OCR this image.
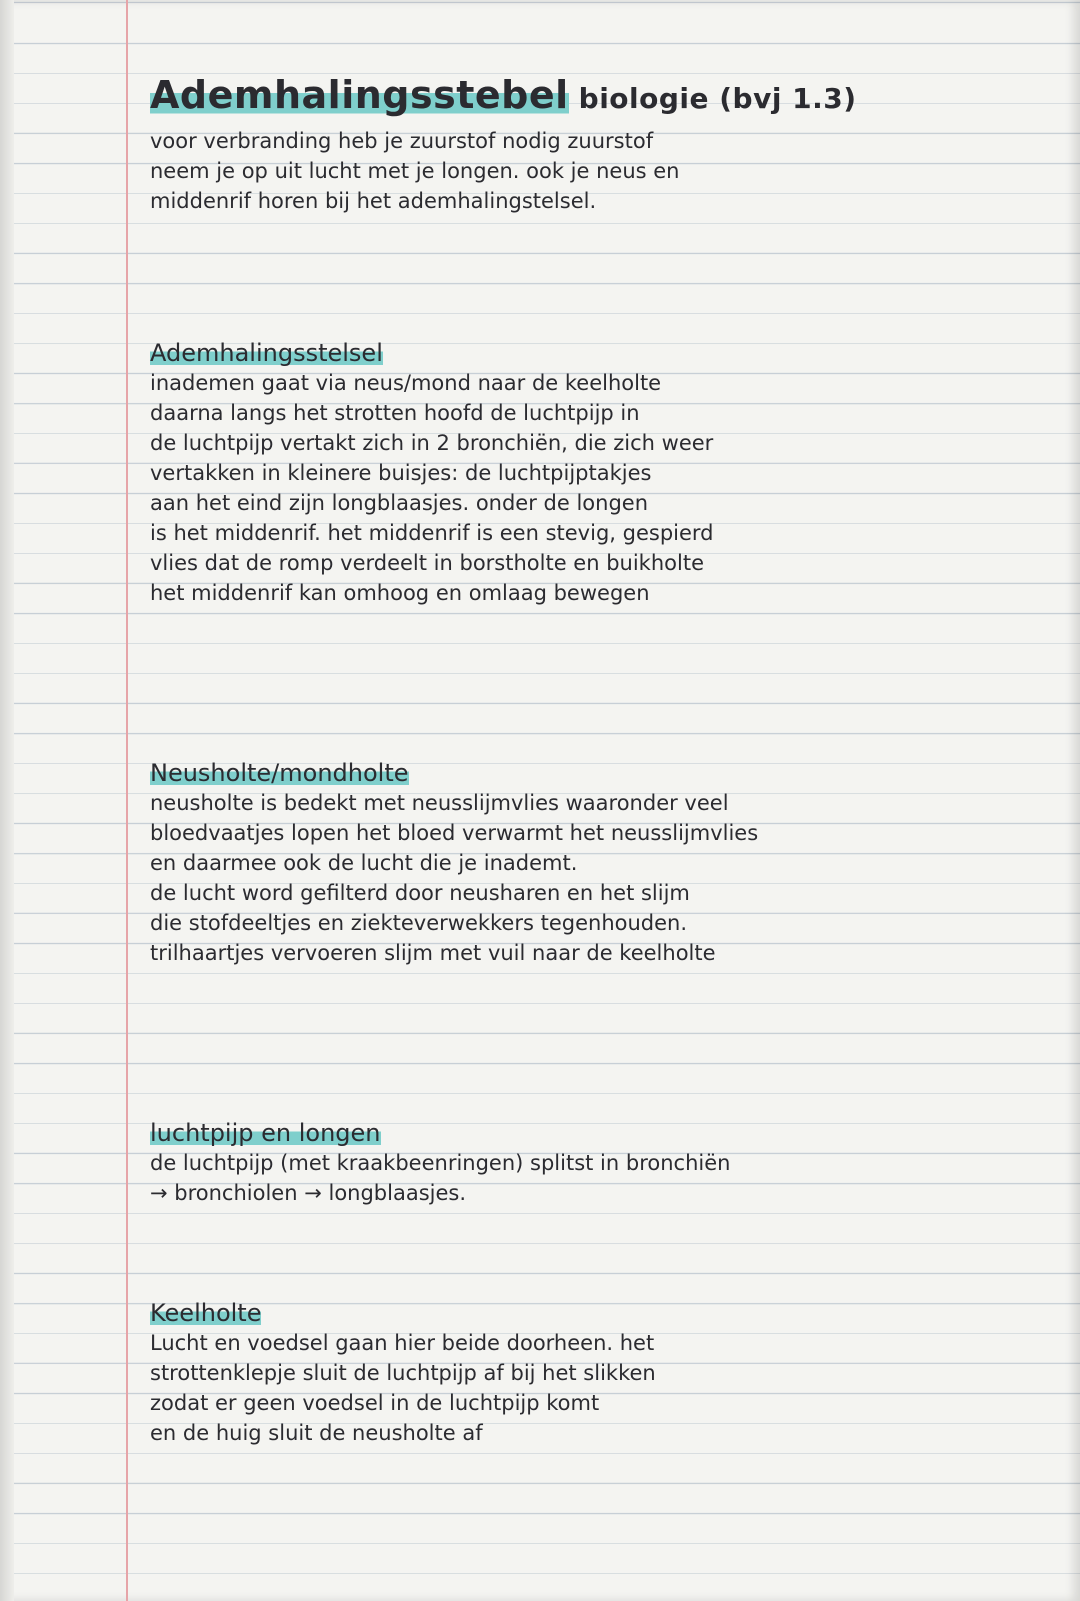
Ademhalingsstebel biologie (bvj 1.3)

voor verbranding heb je zuurstof nodig zuurstof

neem je op uit lucht met je longen. ook je neus en

middenrif horen bij het ademhalingstelsel.

Ademhalingsstelsel

inademen gaat via neus/mond naar de keelholte

daarna langs het strotten hoofd de luchtpijp in

de luchtpijp vertakt zich in 2 bronchiën, die zich weer

vertakken in kleinere buisjes: de luchtpijptakjes

aan het eind zijn longblaasjes. onder de longen

is het middenrif. het middenrif is een stevig, gespierd

vlies dat de romp verdeelt in borstholte en buikholte

het middenrif kan omhoog en omlaag bewegen

Neusholte/mondholte

neusholte is bedekt met neusslijmvlies waaronder veel

bloedvaatjes lopen het bloed verwarmt het neusslijmvlies

en daarmee ook de lucht die je inademt.

de lucht word gefilterd door neusharen en het slijm

die stofdeeltjes en ziekteverwekkers tegenhouden.

trilhaartjes vervoeren slijm met vuil naar de keelholte

luchtpijp en longen

de luchtpijp (met kraakbeenringen) splitst in bronchiën

→ bronchiolen → longblaasjes.

Keelholte

Lucht en voedsel gaan hier beide doorheen. het

strottenklepje sluit de luchtpijp af bij het slikken

zodat er geen voedsel in de luchtpijp komt

en de huig sluit de neusholte af
